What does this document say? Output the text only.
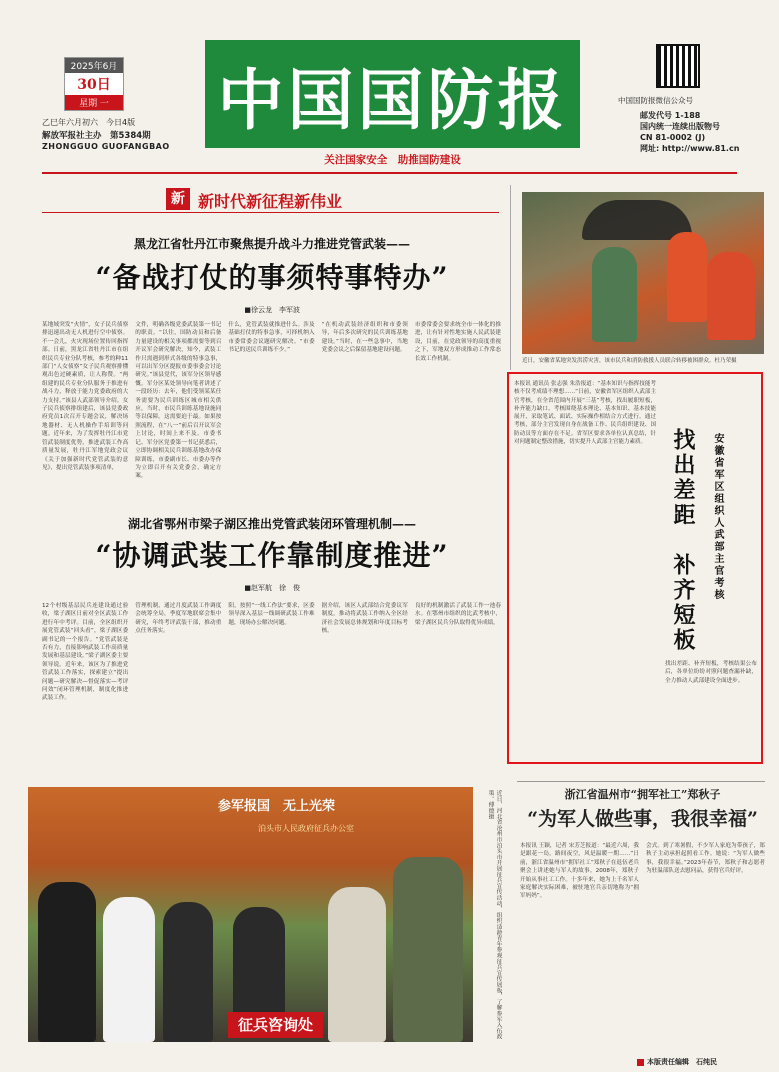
2025年6月
30日
星期 一
乙巳年六月初六　今日4版
解放军报社主办　第5384期
ZHONGGUO GUOFANGBAO
中国国防报
关注国家安全　助推国防建设
中国国防报微信公众号
邮发代号 1-188
国内统一连续出版物号
CN 81-0002 (J)
网址: http://www.81.cn
新 新时代新征程新伟业
黑龙江省牡丹江市聚焦提升战斗力推进党管武装——
“备战打仗的事须特事特办”
■徐云龙　李军波
某地域突发“火情”，女子民兵侦察排迅速出动无人机进行空中侦察。不一会儿，火灾现场位置传回指挥部。日前，黑龙江省牡丹江市在组织民兵专业分队考核，参考的种11部门“人女侦察”女子民兵观察排懂观出色过硬素质，让人称赞。“两组建的民兵专业分队服务于推进有战斗力，释放于能力党委政府的大力支持。”该县人武部领导介绍。女子民兵侦察排组建后，该县党委政府党员1次召开专题会议，解决场地器材、无人机操作手培训等问题。近年来，为了发挥牡丹江市党管武装制度优势，推进武装工作高质量发展，牡丹江军地党政会议《关于加强新时代党管武装的意见》，提出党管武装事项清单，
文件，明确各级党委武装第一书记的职责。“以往，国防动员和后备力量建设的相关事项都需要等到召开议军会研究解决，知今，武装工作只需遇到形式各级的特事急事，可以出军分区提报市委事委会讨论研究。”该县党代，该军分区领导感慨。军分区某处领导向笔者讲述了一段经历：去年，他们受领某某任务需要为民兵训练区城市相关供应，当时，市民兵训练基地设施同等以保障。这需要迫于最。如果按照流程，在“八一”前后召开议军会上讨论，时间上来不及。市委书记、军分区党委第一书记获悉后，立即协调相关民兵训练基地改办保障训练，市委副市长、市委办等作为立即召开有关党委会，确定方案。
什么，党管武装就推进什么。涉及基础打仗的特事急事，可择机纳入市委常委会议题研究解决。“市委书记的送民兵训练不少。”
“在机动武装经济组织和市委领导，年后多次研究的民兵训练基地建设。”当时，在一些急事中，当地党委会议之后保留基地建设问题。
市委常委会要求统全市一体化的推进，让有针对性地实施人民武装建设，目前，在党政领导的高度重视之下，军地双方形成推动工作常态长效工作机制。
湖北省鄂州市梁子湖区推出党管武装闭环管理机制——
“协调武装工作靠制度推进”
■赵军航　徐　俊
12个村级基层民兵连建设通过验收，梁子湖区日前对全区武装工作进行年中考评。目前，全区组织开展党管武装“回头看”，梁子湖区委副书记的一个报告。“党管武装是否有力，直接影响武装工作高质量发展和基层建设。”梁子湖区委主要领导说。近年来，该区为了推进党管武装工作落实，探索建立“提出问题—研究解决—督促落实—考评问效”闭环管理机制，制度化推进武装工作。
管理机制，通过月度武装工作调度会统筹全局，季度军地联席会集中研究，年终考评武装干部，推动重点任务落实。
阳，按照“一线工作法”要求，区委领导深入基层一线调研武装工作难题，现场办公解决问题。
据介绍，该区人武部结合党委议军制度，推动将武装工作纳入全区经济社会发展总体规划和年度目标考核。
良好的机制激活了武装工作一池春水。在鄂州市组织的比武考核中，梁子湖区民兵分队取得优异成绩。
近日，安徽省某地突发洪涝灾害，该市民兵和消防救援人员联合转移被困群众。杜乃荣摄
本报讯 通讯员 张志强 朱浩报道：“基本知识与指挥技能考核不仅考成绩不理想……”日前，安徽省军区组织人武部主官考核，在全省范围内开展“三基”考核，找出履职短板，补齐能力缺口。考核围绕基本理论、基本知识、基本技能展开，采取笔试、面试、实际操作相结合方式进行。通过考核，部分主官发现自身在战备工作、民兵组织建设、国防动员等方面存在不足。省军区要求各单位认真总结，针对问题制定整改措施，切实提升人武部主官能力素质。	找出差距　补齐短板 安徽省军区组织人武部主官考核
找出差距、补齐短板，考核结果公布后，各单位纷纷对照问题查漏补缺，全力推动人武部建设全面进步。
参军报国　无上光荣
泊头市人民政府征兵办公室
征兵咨询处	近日，河北省沧州市泊头市开展征兵宣传活动，组织适龄青年参观征兵宣传展板，了解参军入伍政策。傅德摄	浙江省温州市“拥军社工”郑秋子
“为军人做些事，我很幸福”
本报讯 王颖，记者 宋芳芝报道：“最近六周，我是跟花一岛，路间夜空，风是温暖一期……”日前，浙江省温州市“拥军社工”郑秋子在退伍老兵聚会上讲述她与军人的故事。2008年，郑秋子开始从事社工工作。十多年来，她为上千名军人家庭解决实际困难，被驻地官兵亲切地称为“拥军妈妈”。
会式。到了寒暑假，不少军人家庭为带孩子，郑秋子主动承担起照看工作。她说：“为军人做些事，我很幸福。”2023年春节，郑秋子和志愿者为驻温部队送去慰问品，获得官兵好评。
本版责任编辑　 石纯民
